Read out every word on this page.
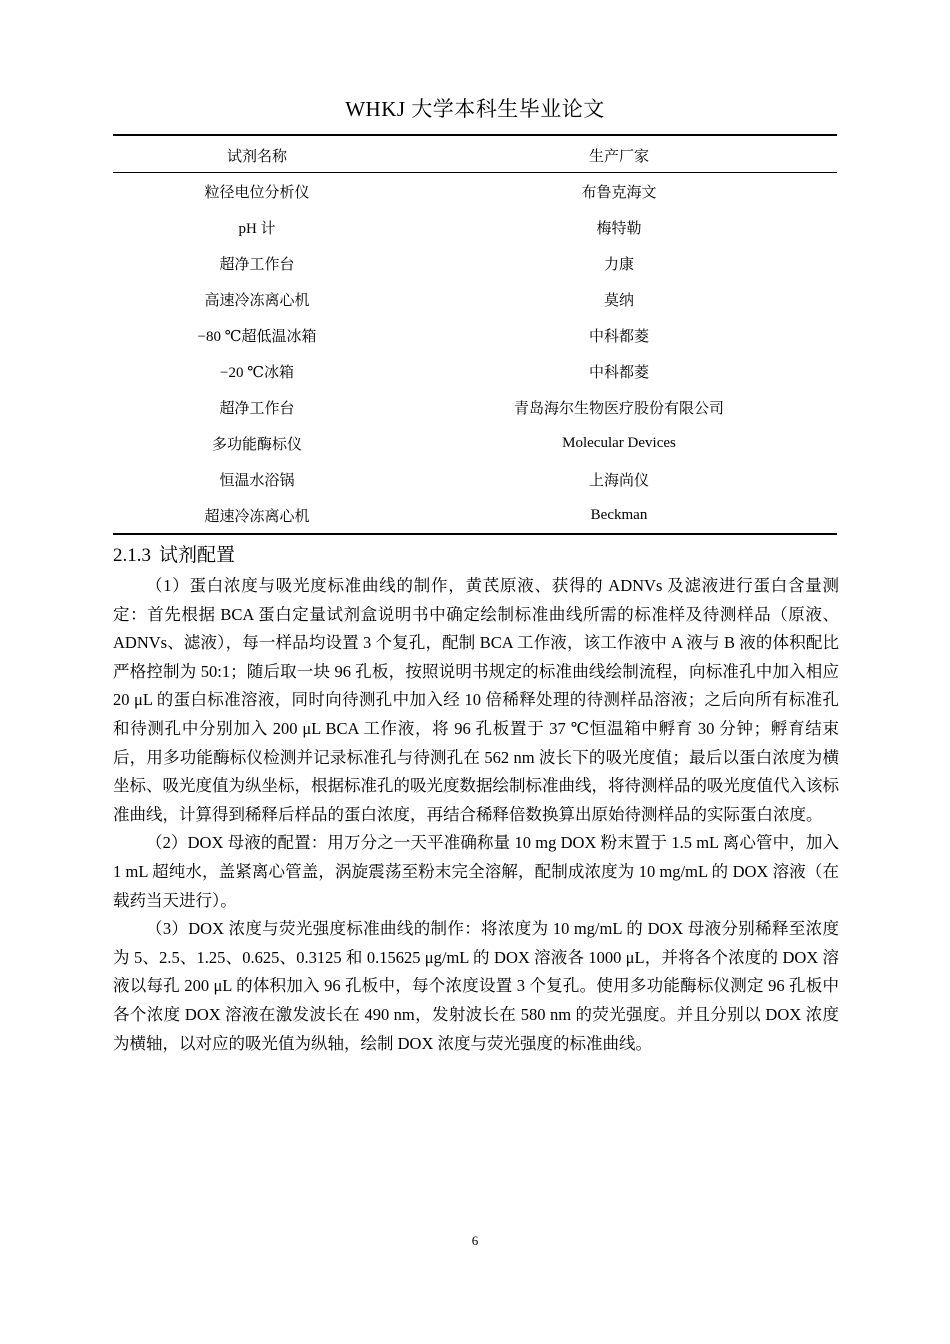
WHKJ 大学本科生毕业论文
试剂名称	生产厂家
粒径电位分析仪	布鲁克海文
pH 计	梅特勒
超净工作台	力康
高速冷冻离心机	莫纳
−80 ℃超低温冰箱	中科都菱
−20 ℃冰箱	中科都菱
超净工作台	青岛海尔生物医疗股份有限公司
多功能酶标仪	Molecular Devices
恒温水浴锅	上海尚仪
超速冷冻离心机	Beckman
2.1.3 试剂配置

（1）蛋白浓度与吸光度标准曲线的制作，黄芪原液、获得的 ADNVs 及滤液进行蛋白含量测定：首先根据 BCA 蛋白定量试剂盒说明书中确定绘制标准曲线所需的标准样及待测样品（原液、ADNVs、滤液），每一样品均设置 3 个复孔，配制 BCA 工作液，该工作液中 A 液与 B 液的体积配比严格控制为 50:1；随后取一块 96 孔板，按照说明书规定的标准曲线绘制流程，向标准孔中加入相应 20 μL 的蛋白标准溶液，同时向待测孔中加入经 10 倍稀释处理的待测样品溶液；之后向所有标准孔和待测孔中分别加入 200 μL BCA 工作液，将 96 孔板置于 37 ℃恒温箱中孵育 30 分钟；孵育结束后，用多功能酶标仪检测并记录标准孔与待测孔在 562 nm 波长下的吸光度值；最后以蛋白浓度为横坐标、吸光度值为纵坐标，根据标准孔的吸光度数据绘制标准曲线，将待测样品的吸光度值代入该标准曲线，计算得到稀释后样品的蛋白浓度，再结合稀释倍数换算出原始待测样品的实际蛋白浓度。

（2）DOX 母液的配置：用万分之一天平准确称量 10 mg DOX 粉末置于 1.5 mL 离心管中，加入 1 mL 超纯水，盖紧离心管盖，涡旋震荡至粉末完全溶解，配制成浓度为 10 mg/mL 的 DOX 溶液（在载药当天进行）。

（3）DOX 浓度与荧光强度标准曲线的制作：将浓度为 10 mg/mL 的 DOX 母液分别稀释至浓度为 5、2.5、1.25、0.625、0.3125 和 0.15625 μg/mL 的 DOX 溶液各 1000 μL，并将各个浓度的 DOX 溶液以每孔 200 μL 的体积加入 96 孔板中，每个浓度设置 3 个复孔。使用多功能酶标仪测定 96 孔板中各个浓度 DOX 溶液在激发波长在 490 nm，发射波长在 580 nm 的荧光强度。并且分别以 DOX 浓度为横轴，以对应的吸光值为纵轴，绘制 DOX 浓度与荧光强度的标准曲线。

6
